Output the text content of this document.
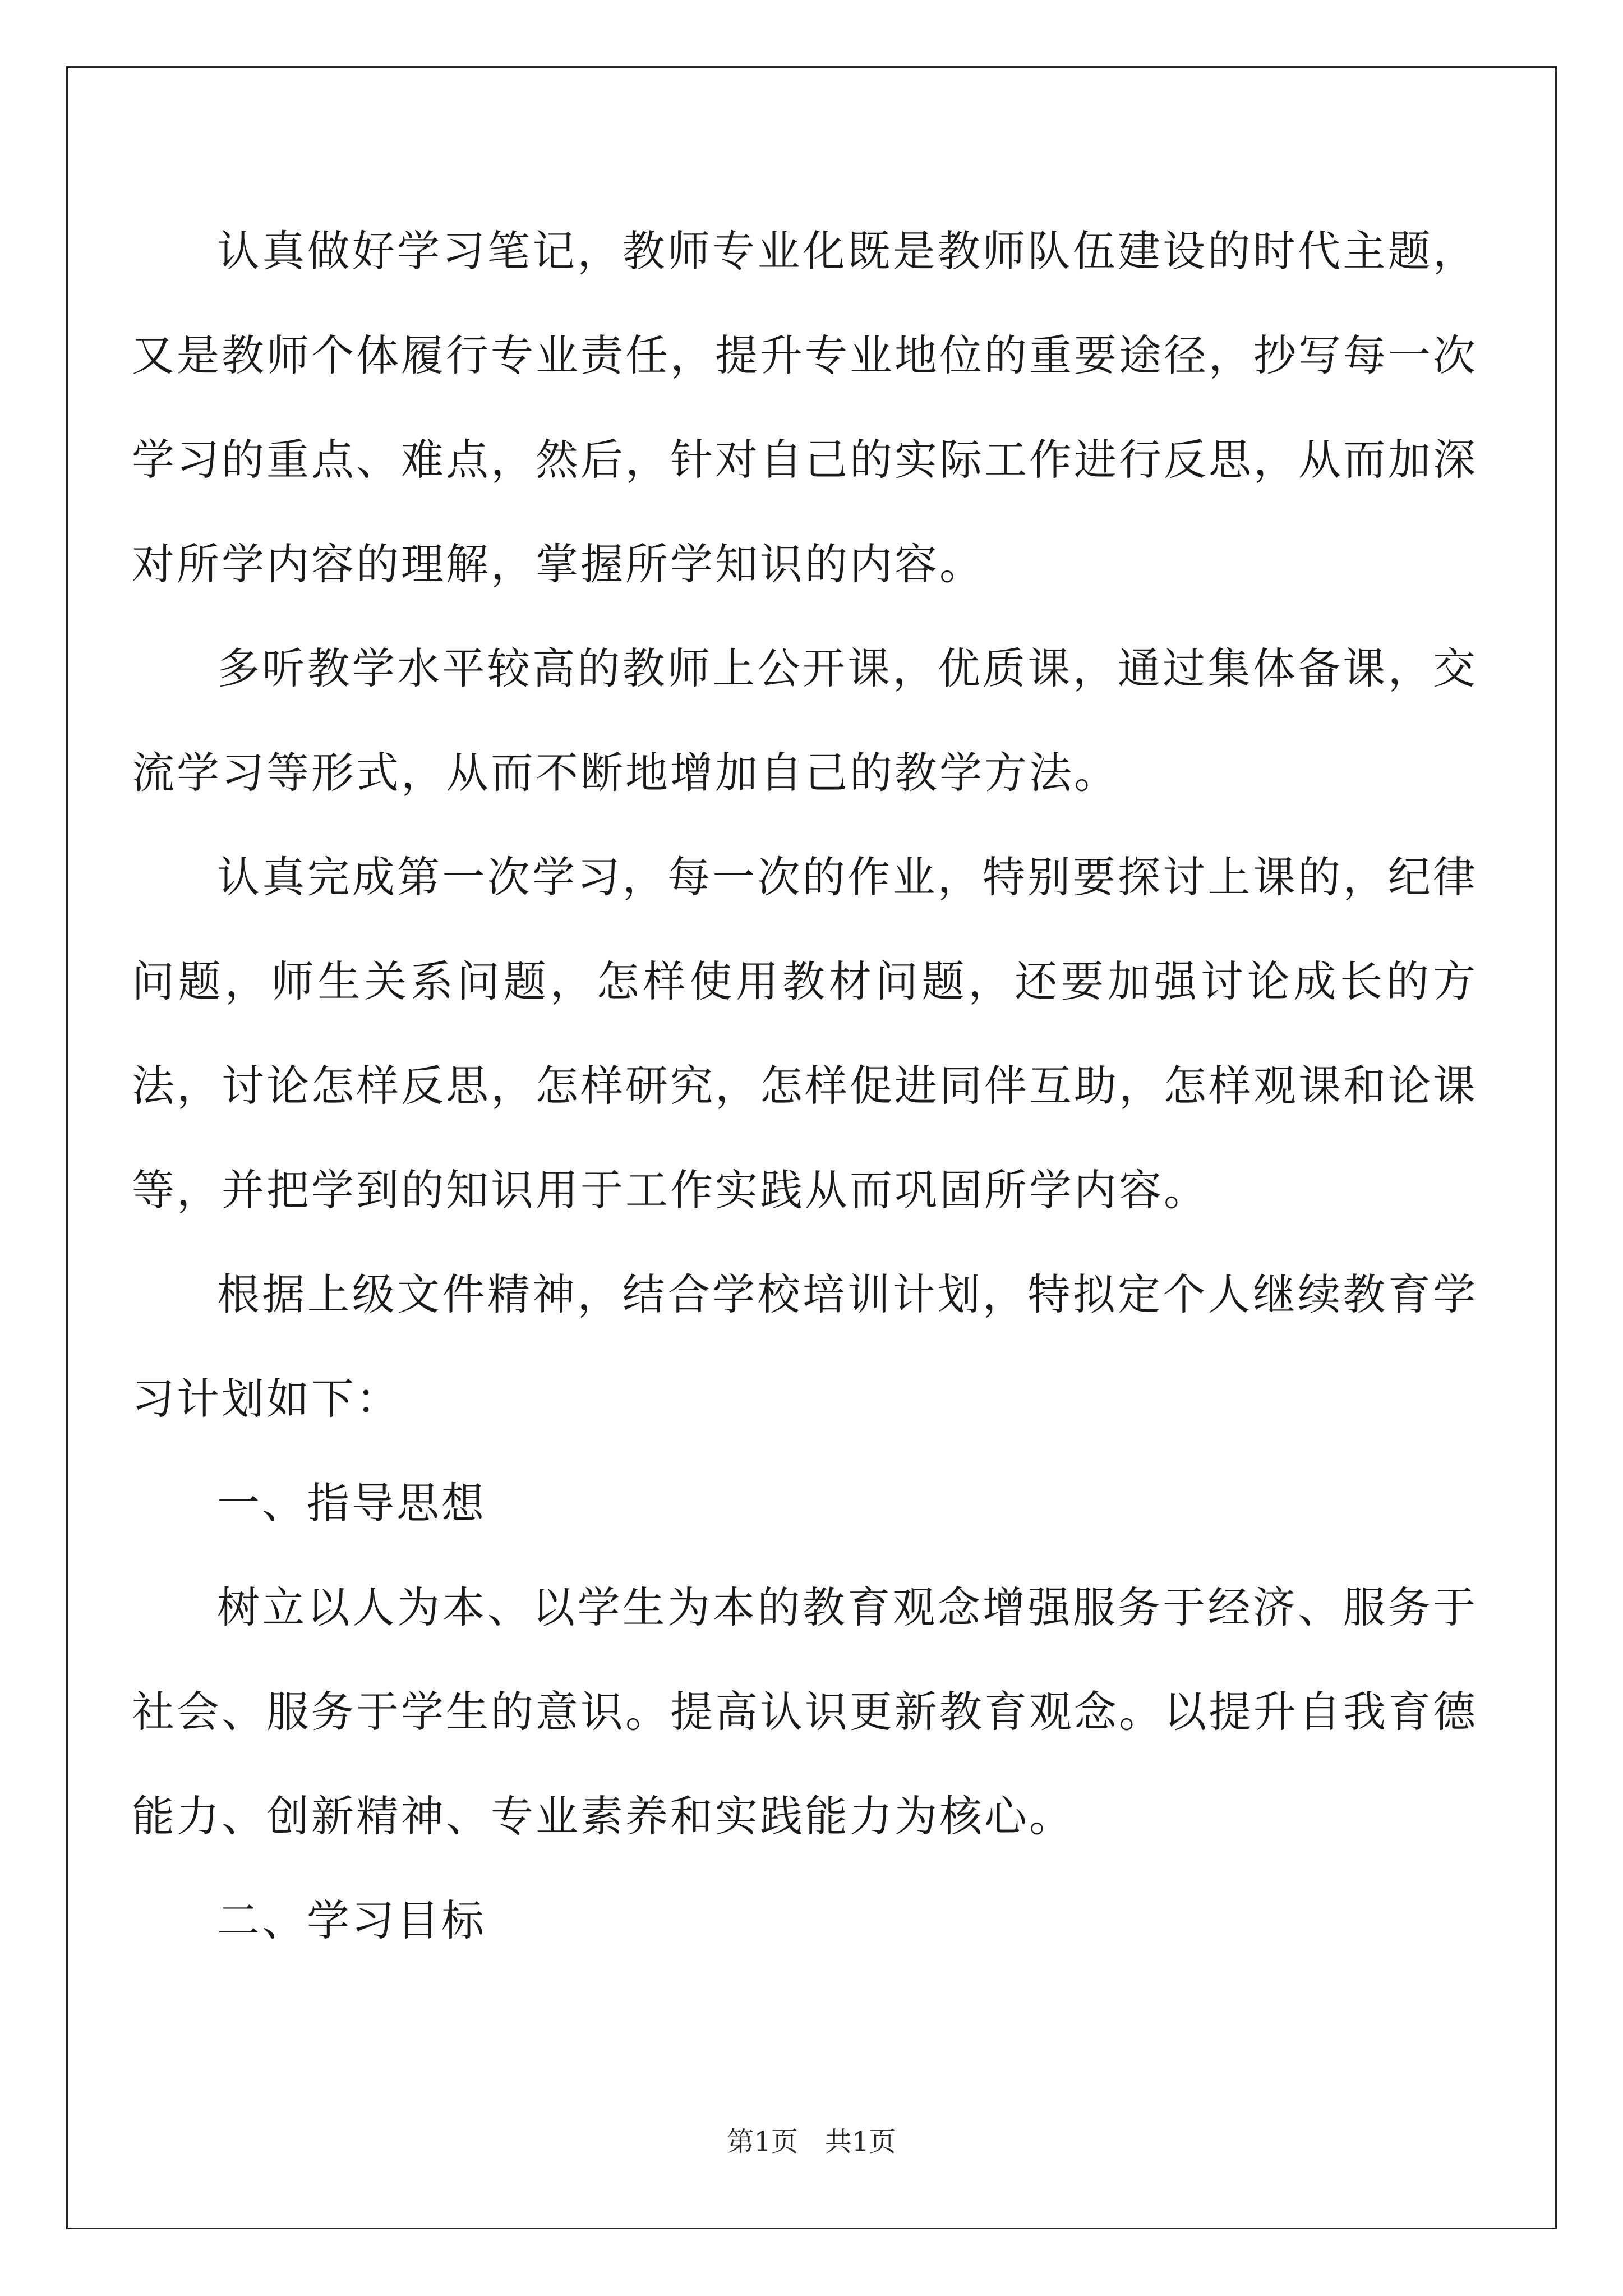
认真做好学习笔记，教师专业化既是教师队伍建设的时代主题，又是教师个体履行专业责任，提升专业地位的重要途径，抄写每一次学习的重点、难点，然后，针对自己的实际工作进行反思，从而加深对所学内容的理解，掌握所学知识的内容。

多听教学水平较高的教师上公开课，优质课，通过集体备课，交流学习等形式，从而不断地增加自己的教学方法。

认真完成第一次学习，每一次的作业，特别要探讨上课的，纪律问题，师生关系问题，怎样使用教材问题，还要加强讨论成长的方法，讨论怎样反思，怎样研究，怎样促进同伴互助，怎样观课和论课等，并把学到的知识用于工作实践从而巩固所学内容。

根据上级文件精神，结合学校培训计划，特拟定个人继续教育学习计划如下：

一、指导思想

树立以人为本、以学生为本的教育观念增强服务于经济、服务于社会、服务于学生的意识。提高认识更新教育观念。以提升自我育德能力、创新精神、专业素养和实践能力为核心。

二、学习目标

第1页　共1页
